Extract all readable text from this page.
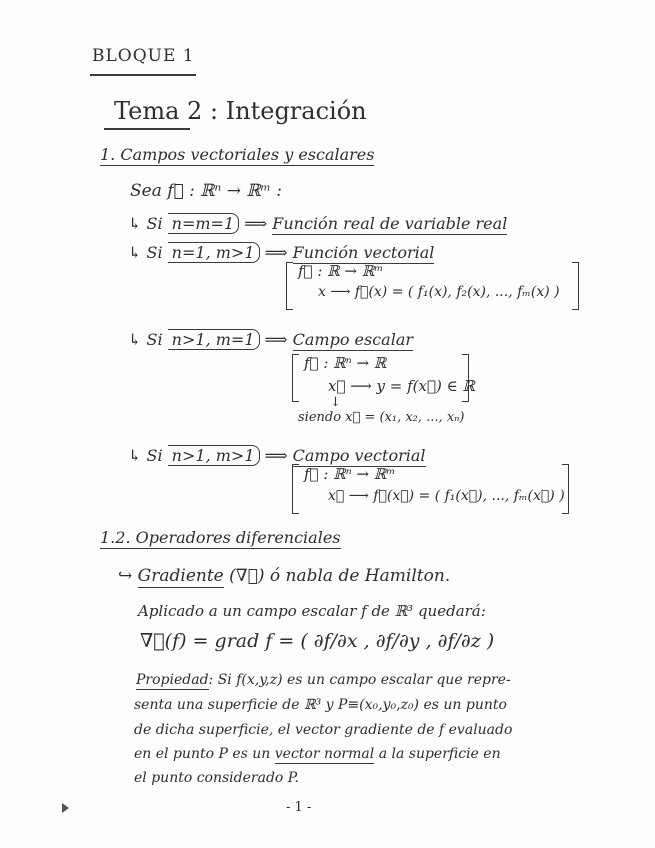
BLOQUE 1
Tema 2 : Integración
1. Campos vectoriales y escalares
Sea f⃗ : ℝⁿ → ℝᵐ :
↳ Si n=m=1 ⟹ Función real de variable real
↳ Si n=1, m>1 ⟹ Función vectorial
f⃗ : ℝ → ℝᵐ
x ⟶ f⃗(x) = ( f₁(x), f₂(x), ..., fₘ(x) )
↳ Si n>1, m=1 ⟹ Campo escalar
f⃗ : ℝⁿ → ℝ
x⃗ ⟶ y = f(x⃗) ∈ ℝ
↓
siendo x⃗ = (x₁, x₂, ..., xₙ)
↳ Si n>1, m>1 ⟹ Campo vectorial
f⃗ : ℝⁿ → ℝᵐ
x⃗ ⟶ f⃗(x⃗) = ( f₁(x⃗), ..., fₘ(x⃗) )
1.2. Operadores diferenciales
↪ Gradiente (∇⃗) ó nabla de Hamilton.
Aplicado a un campo escalar f de ℝ³ quedará:
∇⃗(f) = grad f = ( ∂f/∂x , ∂f/∂y , ∂f/∂z )
Propiedad: Si f(x,y,z) es un campo escalar que repre-
senta una superficie de ℝ³ y P≡(x₀,y₀,z₀) es un punto
de dicha superficie, el vector gradiente de f evaluado
en el punto P es un vector normal a la superficie en
el punto considerado P.
- 1 -
